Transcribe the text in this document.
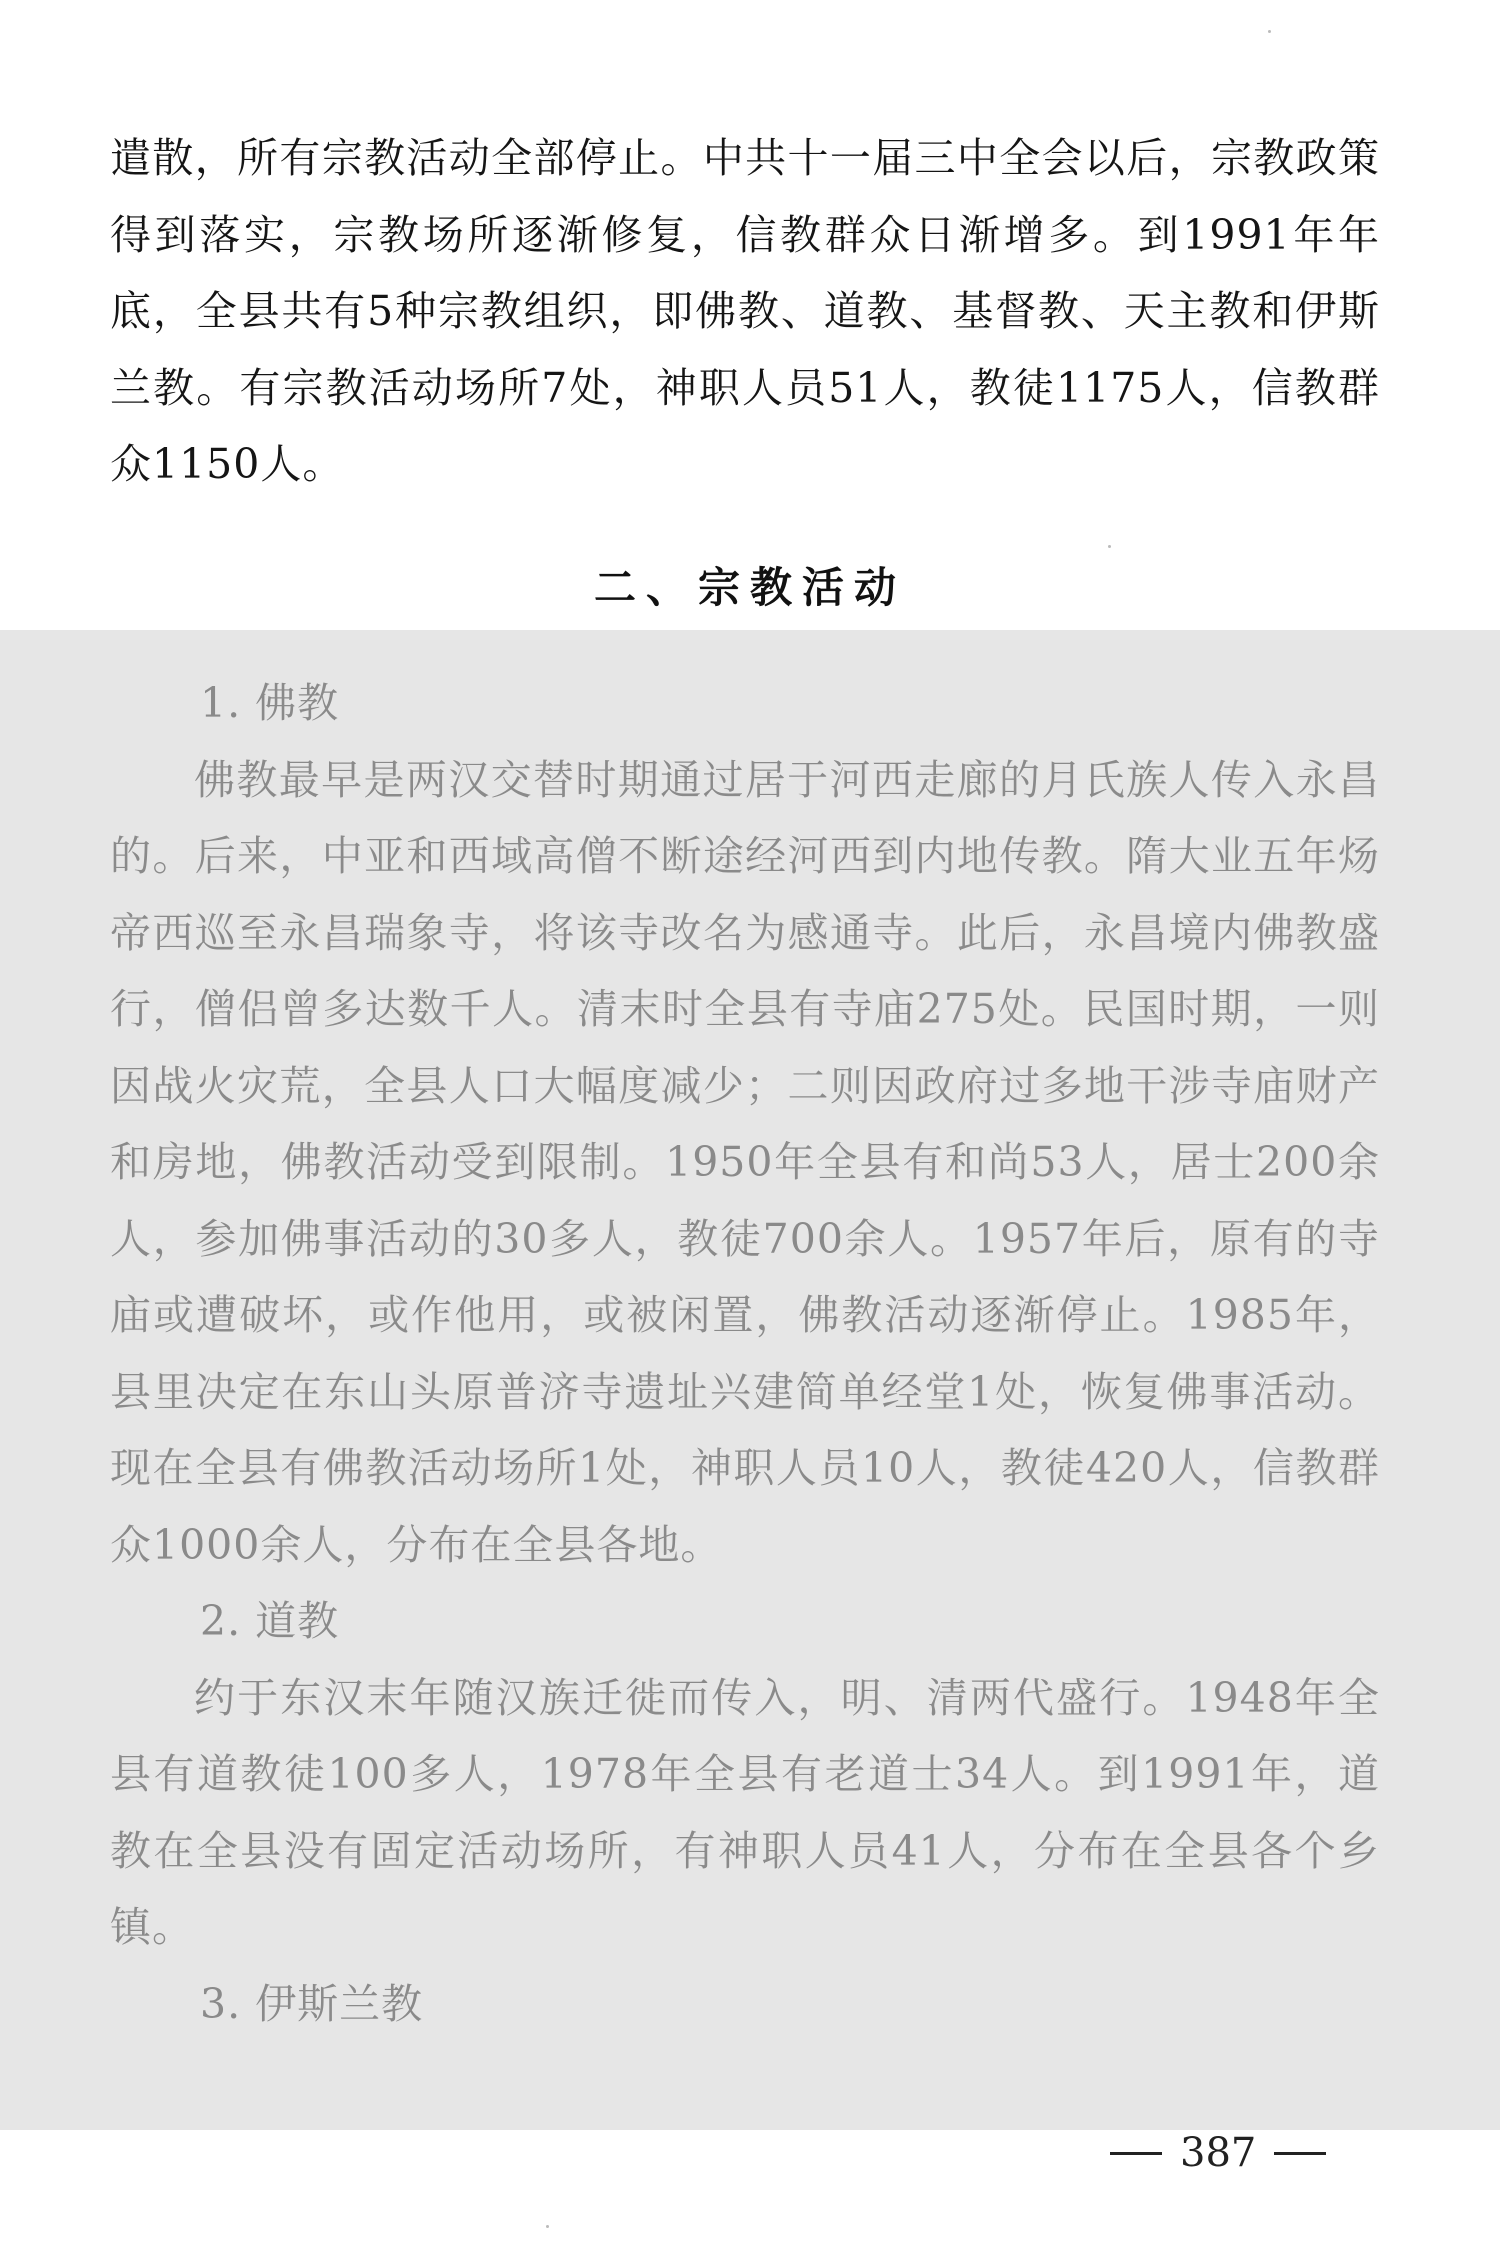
遣散，所有宗教活动全部停止。中共十一届三中全会以后，宗教政策得到落实，宗教场所逐渐修复，信教群众日渐增多。到1991年年底，全县共有5种宗教组织，即佛教、道教、基督教、天主教和伊斯兰教。有宗教活动场所7处，神职人员51人，教徒1175人，信教群众1150人。

二、宗教活动

1. 佛教

佛教最早是两汉交替时期通过居于河西走廊的月氏族人传入永昌的。后来，中亚和西域高僧不断途经河西到内地传教。隋大业五年炀帝西巡至永昌瑞象寺，将该寺改名为感通寺。此后，永昌境内佛教盛行，僧侣曾多达数千人。清末时全县有寺庙275处。民国时期，一则因战火灾荒，全县人口大幅度减少；二则因政府过多地干涉寺庙财产和房地，佛教活动受到限制。1950年全县有和尚53人，居士200余人，参加佛事活动的30多人，教徒700余人。1957年后，原有的寺庙或遭破坏，或作他用，或被闲置，佛教活动逐渐停止。1985年，县里决定在东山头原普济寺遗址兴建简单经堂1处，恢复佛事活动。现在全县有佛教活动场所1处，神职人员10人，教徒420人，信教群众1000余人，分布在全县各地。

2. 道教

约于东汉末年随汉族迁徙而传入，明、清两代盛行。1948年全县有道教徒100多人，1978年全县有老道士34人。到1991年，道教在全县没有固定活动场所，有神职人员41人，分布在全县各个乡镇。

3. 伊斯兰教

387
